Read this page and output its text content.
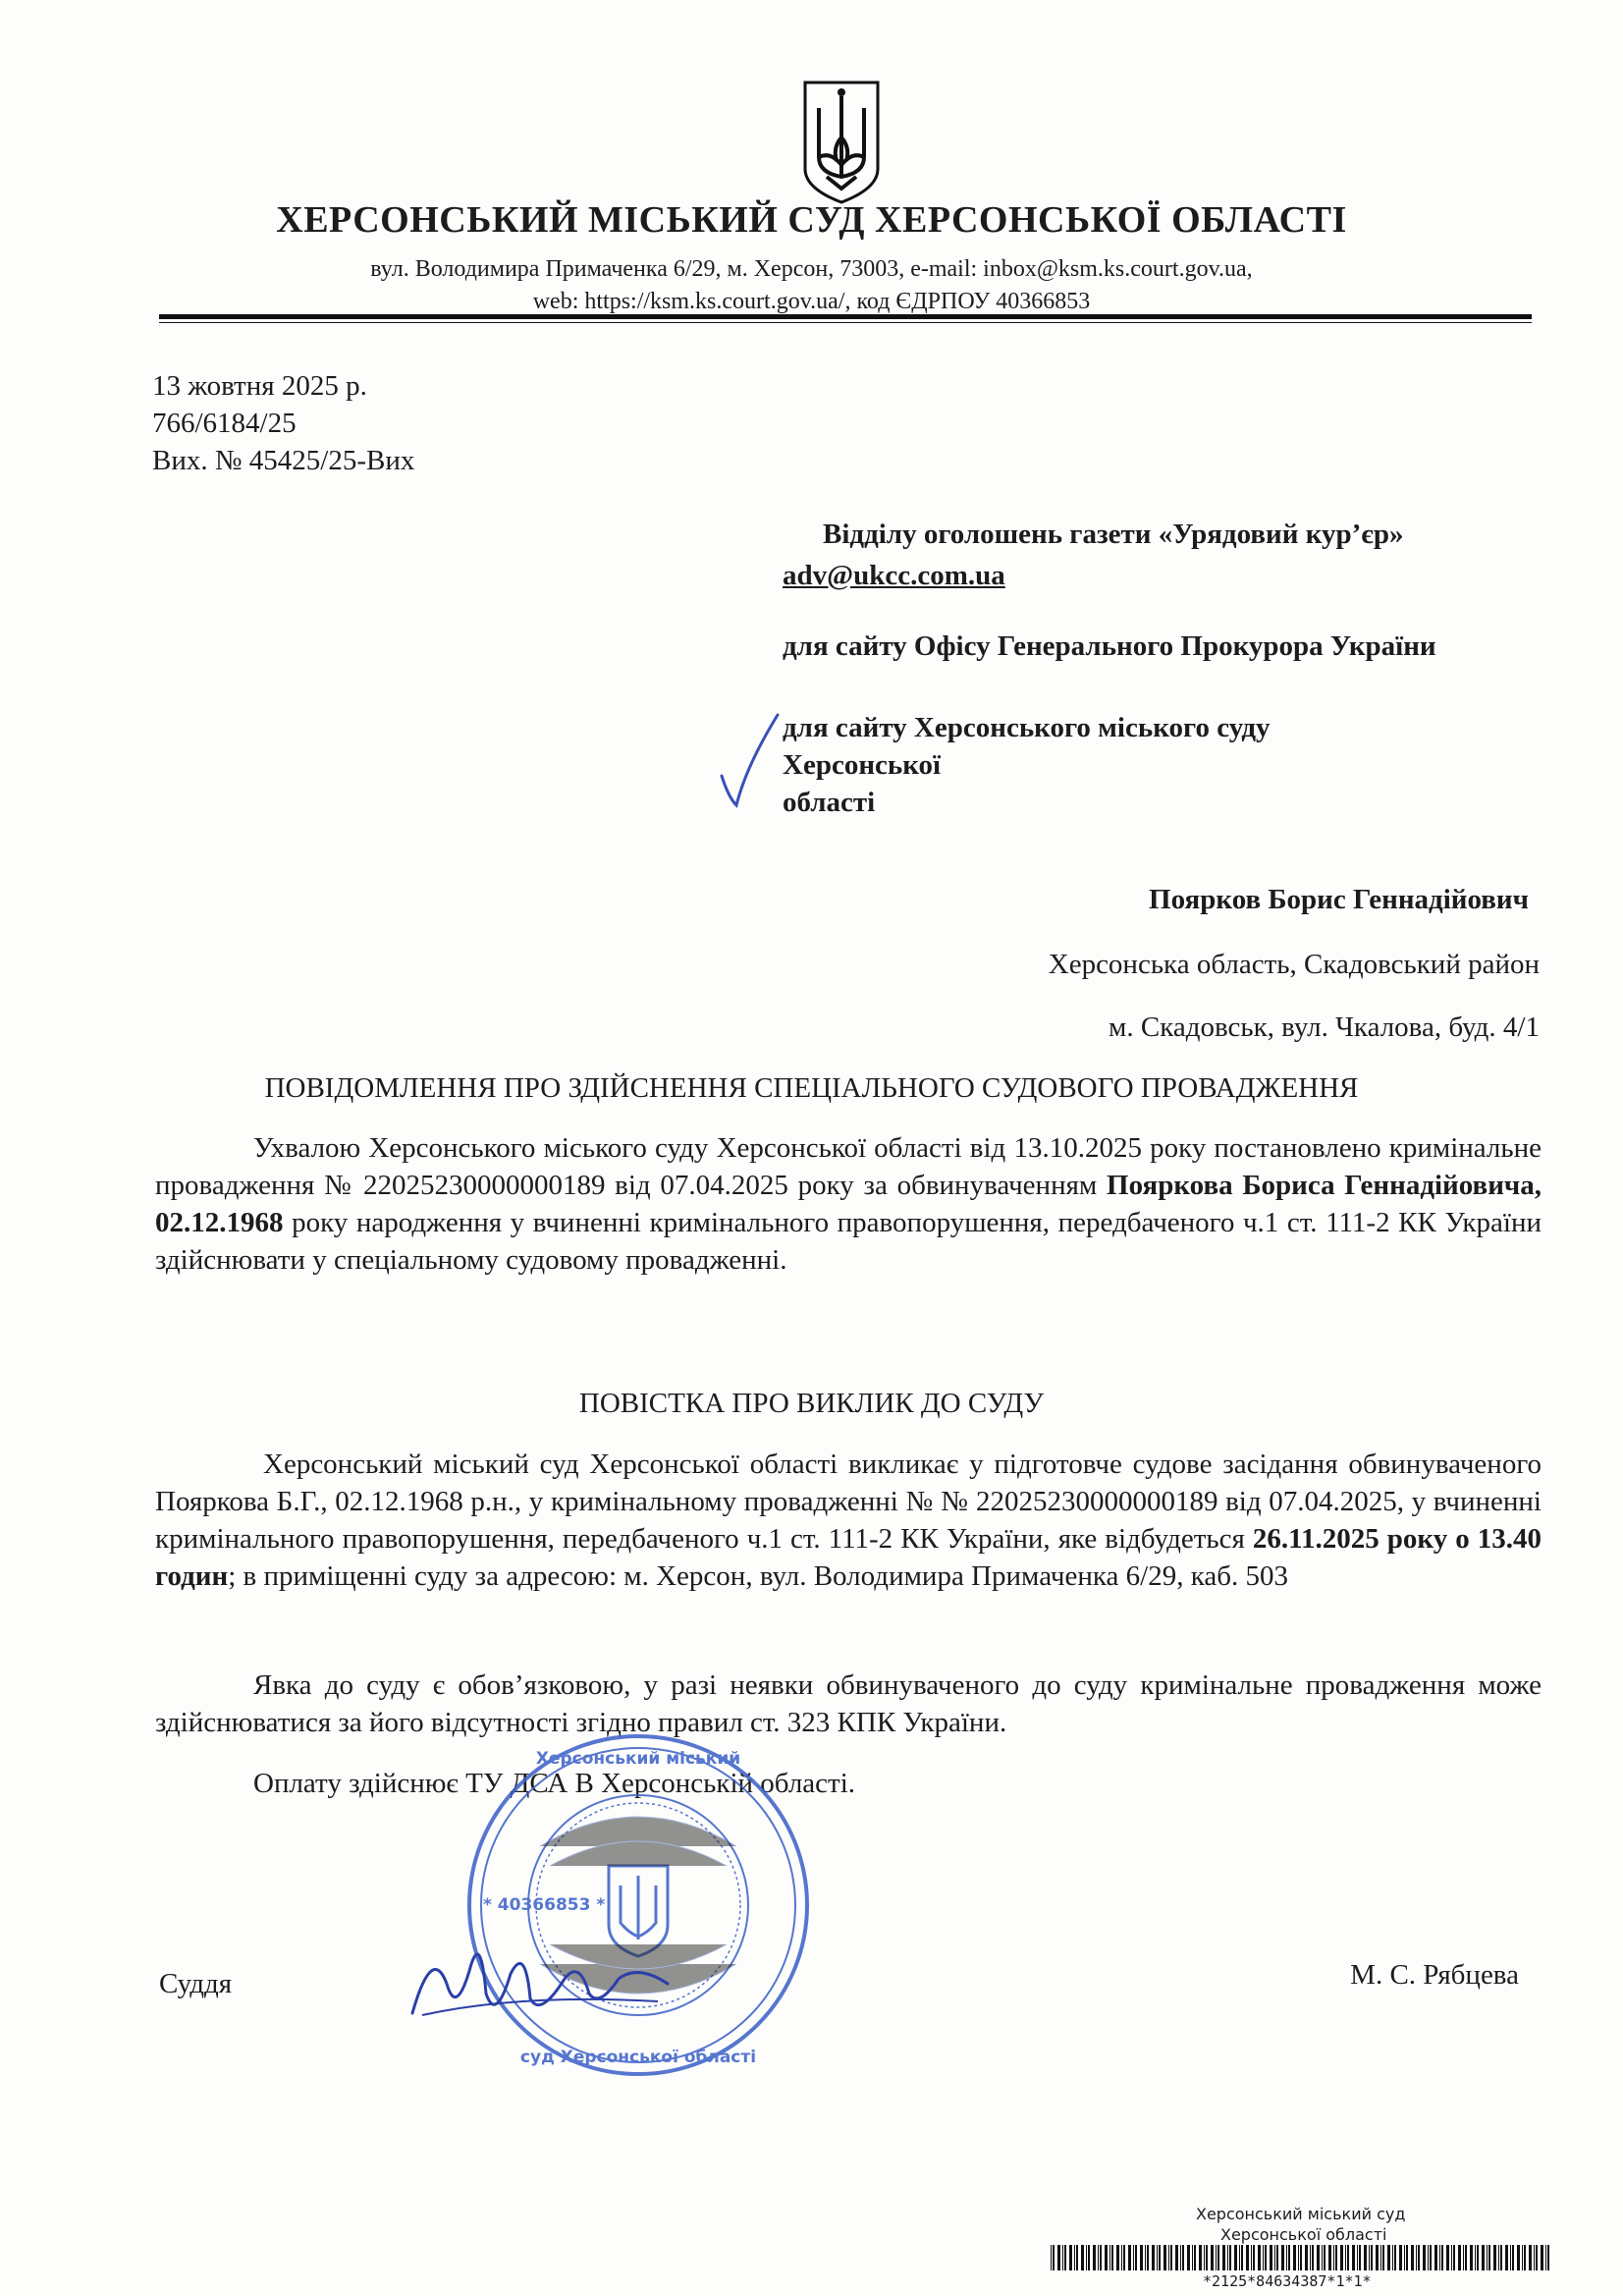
ХЕРСОНСЬКИЙ МІСЬКИЙ СУД ХЕРСОНСЬКОЇ ОБЛАСТІ
вул. Володимира Примаченка 6/29, м. Херсон, 73003, e-mail: inbox@ksm.ks.court.gov.ua,
web: https://ksm.ks.court.gov.ua/, код ЄДРПОУ 40366853
13 жовтня 2025 р.
766/6184/25
Вих. № 45425/25-Вих
Відділу оголошень газети «Урядовий кур’єр»
adv@ukcc.com.ua
для сайту Офісу Генерального Прокурора України
для сайту Херсонського міського суду
Херсонської
області
Поярков Борис Геннадійович
Херсонська область, Скадовський район
м. Скадовськ, вул. Чкалова, буд. 4/1
ПОВІДОМЛЕННЯ ПРО ЗДІЙСНЕННЯ СПЕЦІАЛЬНОГО СУДОВОГО ПРОВАДЖЕННЯ

Ухвалою Херсонського міського суду Херсонської області від 13.10.2025 року постановлено кримінальне провадження № 22025230000000189 від 07.04.2025 року за обвинуваченням Пояркова Бориса Геннадійовича, 02.12.1968 року народження у вчиненні кримінального правопорушення, передбаченого ч.1 ст. 111-2 КК України здійснювати у спеціальному судовому провадженні.

ПОВІСТКА ПРО ВИКЛИК ДО СУДУ

Херсонський міський суд Херсонської області викликає у підготовче судове засідання обвинуваченого Пояркова Б.Г., 02.12.1968 р.н., у кримінальному провадженні № № 22025230000000189 від 07.04.2025, у вчиненні кримінального правопорушення, передбаченого ч.1 ст. 111-2 КК України, яке відбудеться 26.11.2025 року о 13.40 годин; в приміщенні суду за адресою: м. Херсон, вул. Володимира Примаченка 6/29, каб. 503

Явка до суду є обов’язковою, у разі неявки обвинуваченого до суду кримінальне провадження може здійснюватися за його відсутності згідно правил ст. 323 КПК України.

Оплату здійснює ТУ ДСА В Херсонській області.
Херсонський міський
суд Херсонської області
* 40366853 *
Суддя	М. С. Рябцева
Херсонський міський суд
Херсонської області
*2125*84634387*1*1*
